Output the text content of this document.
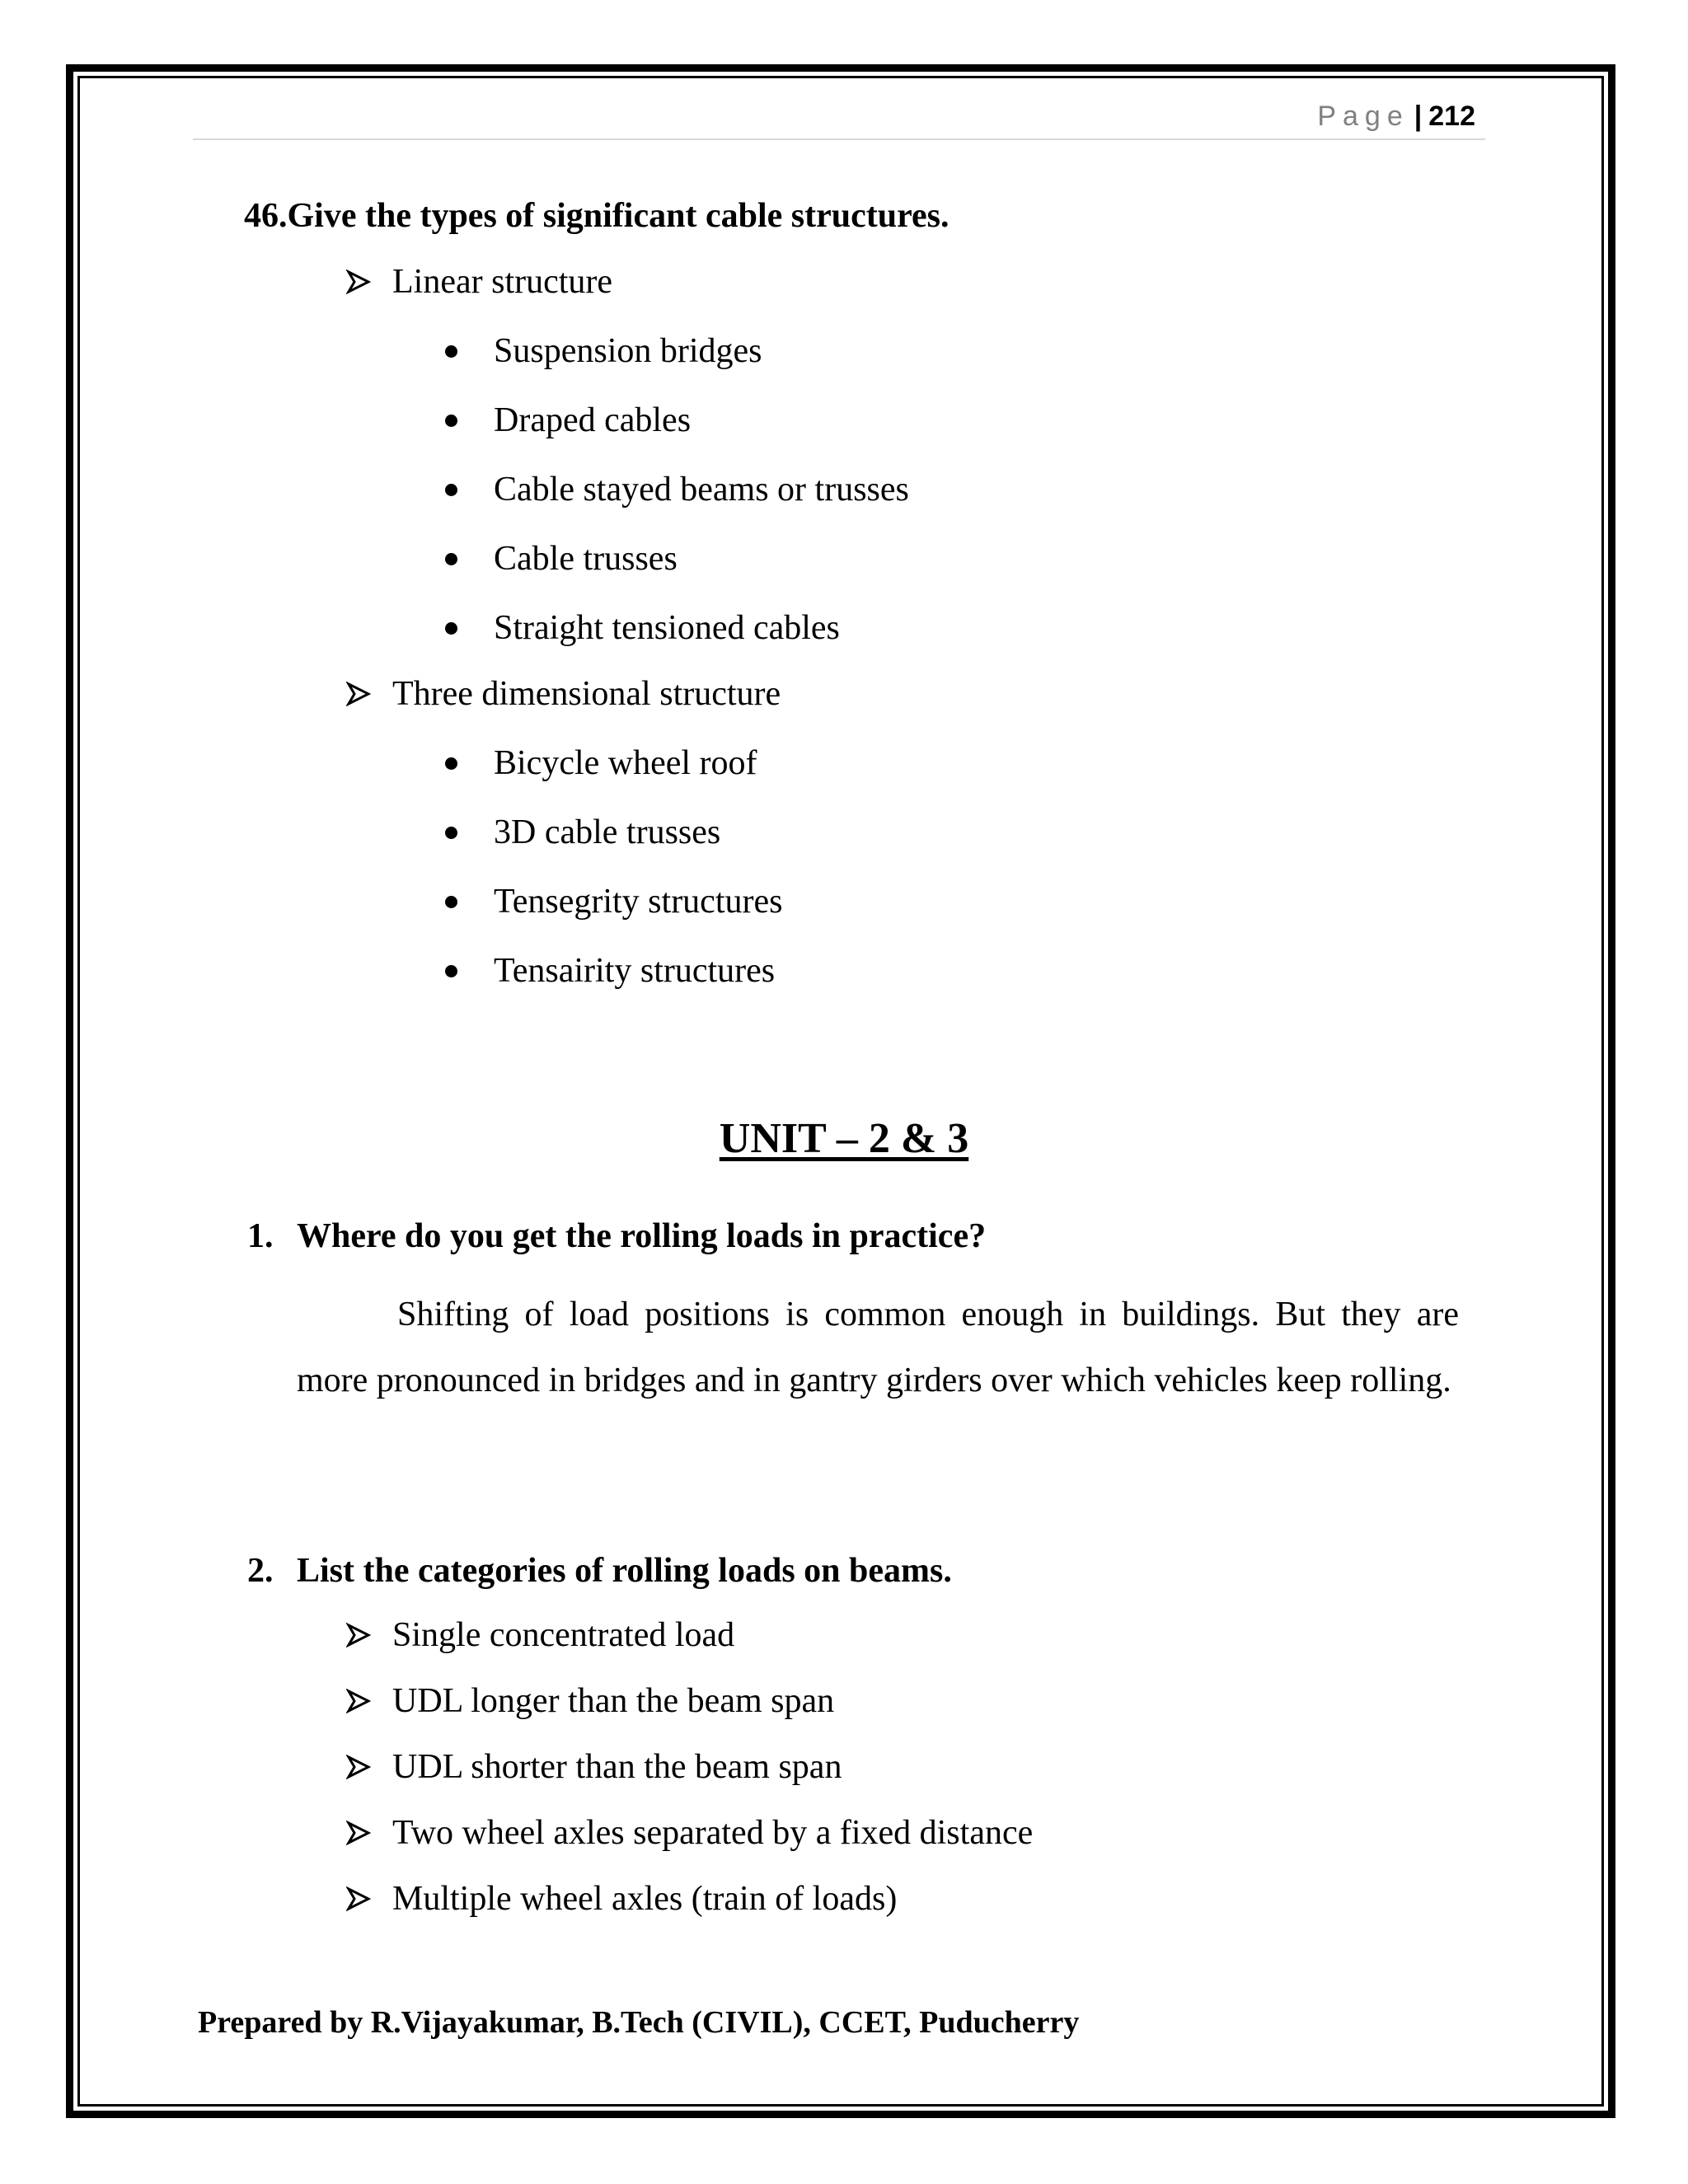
Page | 212
46.Give the types of significant cable structures.
Linear structure
Suspension bridges
Draped cables
Cable stayed beams or trusses
Cable trusses
Straight tensioned cables
Three dimensional structure
Bicycle wheel roof
3D cable trusses
Tensegrity structures
Tensairity structures
UNIT – 2 & 3
1. Where do you get the rolling loads in practice?
Shifting of load positions is common enough in buildings. But they are more pronounced in bridges and in gantry girders over which vehicles keep rolling.
2. List the categories of rolling loads on beams.
Single concentrated load
UDL longer than the beam span
UDL shorter than the beam span
Two wheel axles separated by a fixed distance
Multiple wheel axles (train of loads)
Prepared by R.Vijayakumar, B.Tech (CIVIL), CCET, Puducherry
